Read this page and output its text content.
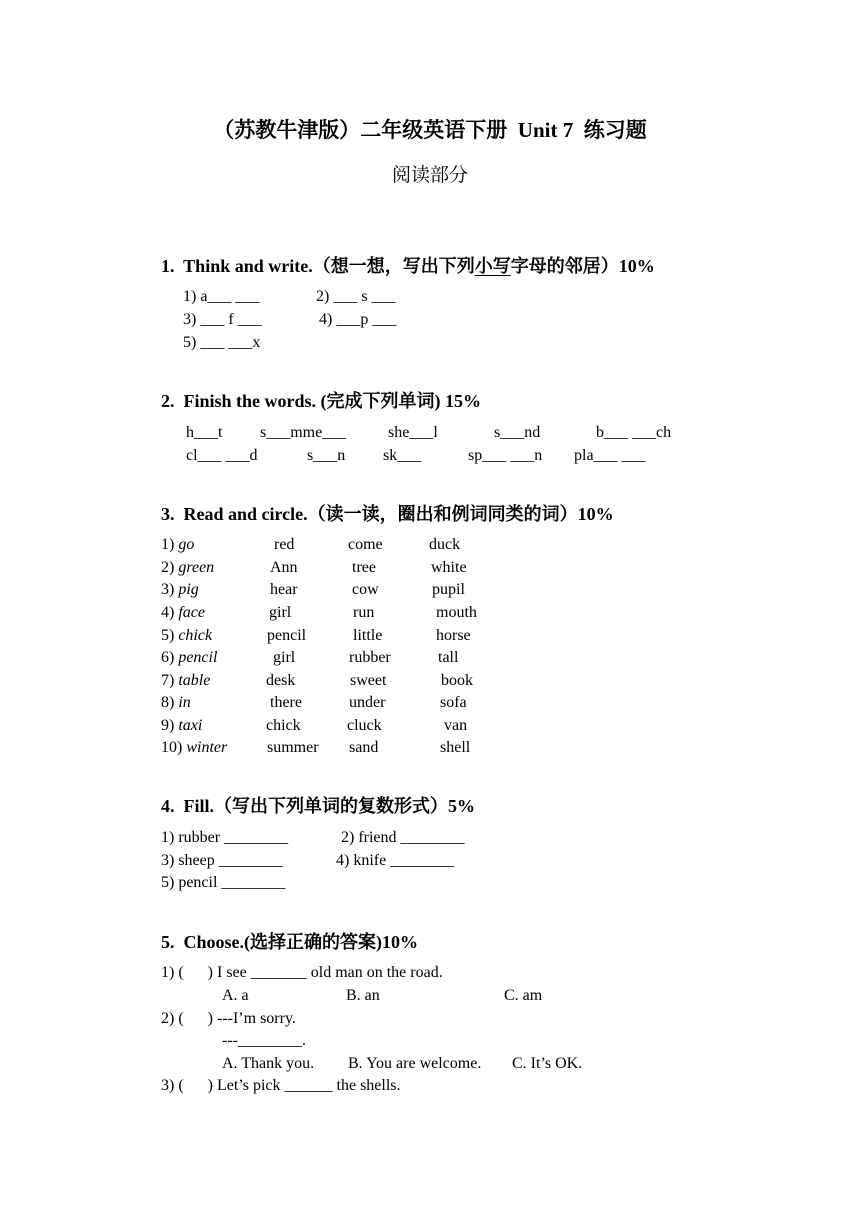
（苏教牛津版）二年级英语下册  Unit 7  练习题
阅读部分
1.  Think and write.（想一想，写出下列小写字母的邻居）10%
1) a___ ___	2) ___ s ___
3) ___ f ___	4) ___p ___
5) ___ ___x
2.  Finish the words. (完成下列单词) 15%
h___t s___mme___	she___l	s___nd	b___ ___ch
cl___ ___d	s___n sk___	sp___ ___n pla___ ___
3.  Read and circle.（读一读，圈出和例词同类的词）10%
1) go	red	come	duck
2) green	Ann	tree	white
3) pig	hear	cow	pupil
4) face	girl	run	mouth
5) chick	pencil	little	horse
6) pencil	girl	rubber	tall
7) table	desk	sweet	book
8) in	there	under	sofa
9) taxi	chick	cluck	van
10) winter summer sand	shell
4.  Fill.（写出下列单词的复数形式）5%
1) rubber ________	2) friend ________
3) sheep ________	4) knife ________
5) pencil ________
5.  Choose.(选择正确的答案)10%
1) (      ) I see _______ old man on the road.
A. a	B. an	C. am
2) (      ) ---I’m sorry.
---________.
A. Thank you. B. You are welcome. C. It’s OK.
3) (      ) Let’s pick ______ the shells.
